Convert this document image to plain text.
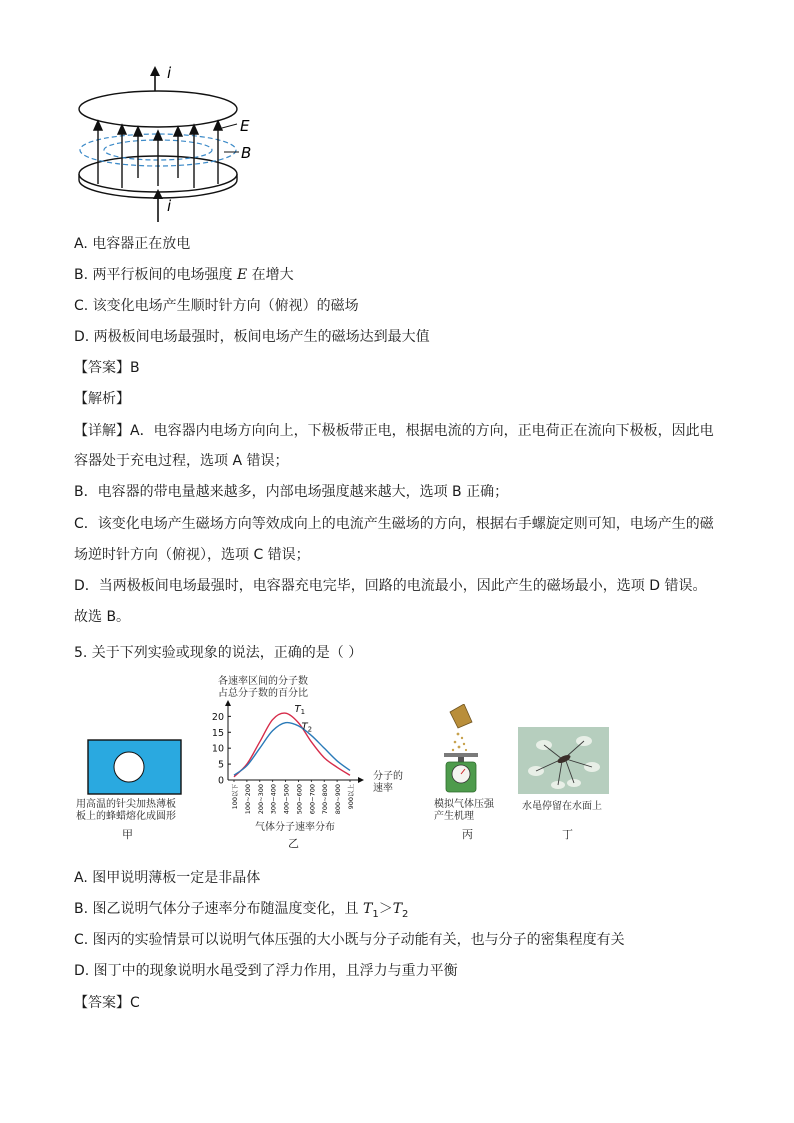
i
E
B
i
A. 电容器正在放电
B. 两平行板间的电场强度 E 在增大
C. 该变化电场产生顺时针方向（俯视）的磁场
D. 两极板间电场最强时，板间电场产生的磁场达到最大值
【答案】B
【解析】
【详解】A．电容器内电场方向向上，下极板带正电，根据电流的方向，正电荷正在流向下极板，因此电
容器处于充电过程，选项 A 错误；
B．电容器的带电量越来越多，内部电场强度越来越大，选项 B 正确；
C．该变化电场产生磁场方向等效成向上的电流产生磁场的方向，根据右手螺旋定则可知，电场产生的磁
场逆时针方向（俯视），选项 C 错误；
D．当两极板间电场最强时，电容器充电完毕，回路的电流最小，因此产生的磁场最小，选项 D 错误。
故选 B。
5. 关于下列实验或现象的说法，正确的是（ ）
用高温的针尖加热薄板
板上的蜂蜡熔化成圆形
甲
各速率区间的分子数
占总分子数的百分比
0
5
10
15
20
100以下 100~200 200~300 300~400 400~500 500~600 600~700 700~800 800~900 900以上
$T_1$
$T_2$
分子的
速率
气体分子速率分布
乙
模拟气体压强
产生机理
丙
水黾停留在水面上
丁
A. 图甲说明薄板一定是非晶体
B. 图乙说明气体分子速率分布随温度变化，且 $T_1>T_2$
C. 图丙的实验情景可以说明气体压强的大小既与分子动能有关，也与分子的密集程度有关
D. 图丁中的现象说明水黾受到了浮力作用，且浮力与重力平衡
【答案】C
